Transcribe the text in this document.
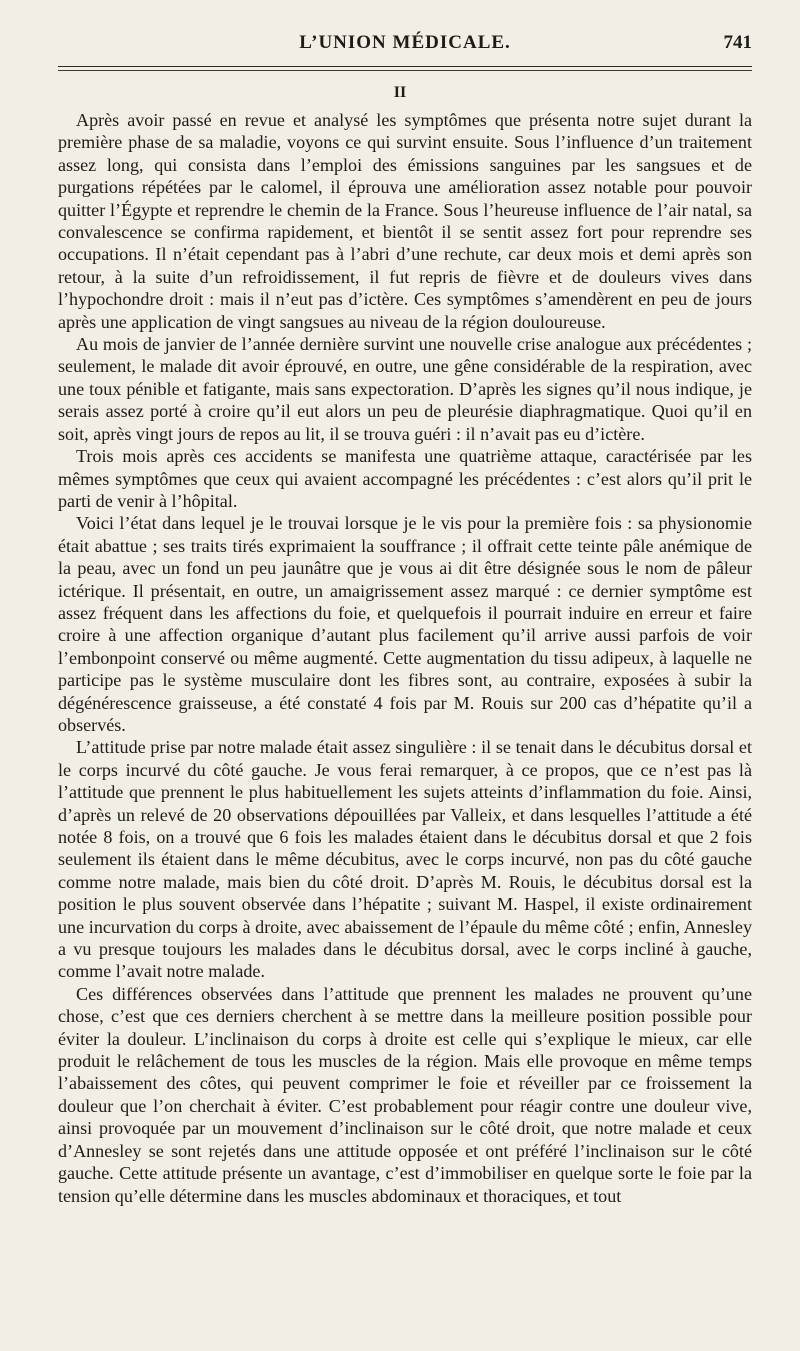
L’UNION MÉDICALE.	741
II

Après avoir passé en revue et analysé les symptômes que présenta notre sujet durant la première phase de sa maladie, voyons ce qui survint ensuite. Sous l’influence d’un traitement assez long, qui consista dans l’emploi des émissions sanguines par les sangsues et de purgations répétées par le calomel, il éprouva une amélioration assez notable pour pouvoir quitter l’Égypte et reprendre le chemin de la France. Sous l’heureuse influence de l’air natal, sa convalescence se confirma rapidement, et bientôt il se sentit assez fort pour reprendre ses occupations. Il n’était cependant pas à l’abri d’une rechute, car deux mois et demi après son retour, à la suite d’un refroidissement, il fut repris de fièvre et de douleurs vives dans l’hypochondre droit : mais il n’eut pas d’ictère. Ces symptômes s’amendèrent en peu de jours après une application de vingt sangsues au niveau de la région douloureuse.

Au mois de janvier de l’année dernière survint une nouvelle crise analogue aux précédentes ; seulement, le malade dit avoir éprouvé, en outre, une gêne considérable de la respiration, avec une toux pénible et fatigante, mais sans expectoration. D’après les signes qu’il nous indique, je serais assez porté à croire qu’il eut alors un peu de pleurésie diaphragmatique. Quoi qu’il en soit, après vingt jours de repos au lit, il se trouva guéri : il n’avait pas eu d’ictère.

Trois mois après ces accidents se manifesta une quatrième attaque, caractérisée par les mêmes symptômes que ceux qui avaient accompagné les précédentes : c’est alors qu’il prit le parti de venir à l’hôpital.

Voici l’état dans lequel je le trouvai lorsque je le vis pour la première fois : sa physionomie était abattue ; ses traits tirés exprimaient la souffrance ; il offrait cette teinte pâle anémique de la peau, avec un fond un peu jaunâtre que je vous ai dit être désignée sous le nom de pâleur ictérique. Il présentait, en outre, un amaigrissement assez marqué : ce dernier symptôme est assez fréquent dans les affections du foie, et quelquefois il pourrait induire en erreur et faire croire à une affection organique d’autant plus facilement qu’il arrive aussi parfois de voir l’embonpoint conservé ou même augmenté. Cette augmentation du tissu adipeux, à laquelle ne participe pas le système musculaire dont les fibres sont, au contraire, exposées à subir la dégénérescence graisseuse, a été constaté 4 fois par M. Rouis sur 200 cas d’hépatite qu’il a observés.

L’attitude prise par notre malade était assez singulière : il se tenait dans le décubitus dorsal et le corps incurvé du côté gauche. Je vous ferai remarquer, à ce propos, que ce n’est pas là l’attitude que prennent le plus habituellement les sujets atteints d’inflammation du foie. Ainsi, d’après un relevé de 20 observations dépouillées par Valleix, et dans lesquelles l’attitude a été notée 8 fois, on a trouvé que 6 fois les malades étaient dans le décubitus dorsal et que 2 fois seulement ils étaient dans le même décubitus, avec le corps incurvé, non pas du côté gauche comme notre malade, mais bien du côté droit. D’après M. Rouis, le décubitus dorsal est la position le plus souvent observée dans l’hépatite ; suivant M. Haspel, il existe ordinairement une incurvation du corps à droite, avec abaissement de l’épaule du même côté ; enfin, Annesley a vu presque toujours les malades dans le décubitus dorsal, avec le corps incliné à gauche, comme l’avait notre malade.

Ces différences observées dans l’attitude que prennent les malades ne prouvent qu’une chose, c’est que ces derniers cherchent à se mettre dans la meilleure position possible pour éviter la douleur. L’inclinaison du corps à droite est celle qui s’explique le mieux, car elle produit le relâchement de tous les muscles de la région. Mais elle provoque en même temps l’abaissement des côtes, qui peuvent comprimer le foie et réveiller par ce froissement la douleur que l’on cherchait à éviter. C’est probablement pour réagir contre une douleur vive, ainsi provoquée par un mouvement d’inclinaison sur le côté droit, que notre malade et ceux d’Annesley se sont rejetés dans une attitude opposée et ont préféré l’inclinaison sur le côté gauche. Cette attitude présente un avantage, c’est d’immobiliser en quelque sorte le foie par la tension qu’elle détermine dans les muscles abdominaux et thoraciques, et tout
